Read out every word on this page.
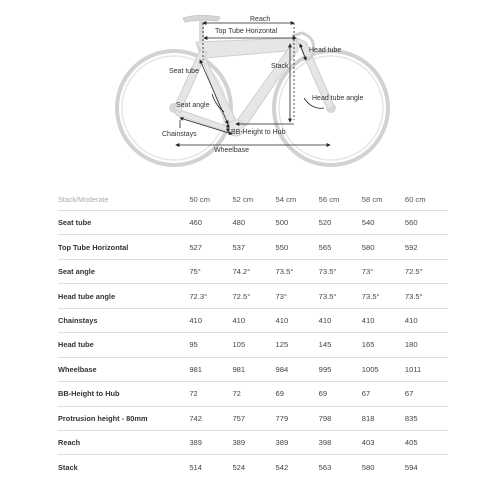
Reach
Top Tube Horizontal
Head tube
Stack
Seat tube
Head tube angle
Seat angle
Chainstays	BB-Height to Hub
Wheelbase
Stack/Moderate	50 cm	52 cm	54 cm	56 cm	58 cm	60 cm
Seat tube	460	480	500	520	540	560
Top Tube Horizontal	527	537	550	565	580	592
Seat angle	75°	74.2°	73.5°	73.5°	73°	72.5°
Head tube angle	72.3°	72.5°	73°	73.5°	73.5°	73.5°
Chainstays	410	410	410	410	410	410
Head tube	95	105	125	145	165	180
Wheelbase	981	981	984	995	1005	1011
BB-Height to Hub	72	72	69	69	67	67
Protrusion height - 80mm	742	757	779	798	818	835
Reach	389	389	389	398	403	405
Stack	514	524	542	563	580	594
